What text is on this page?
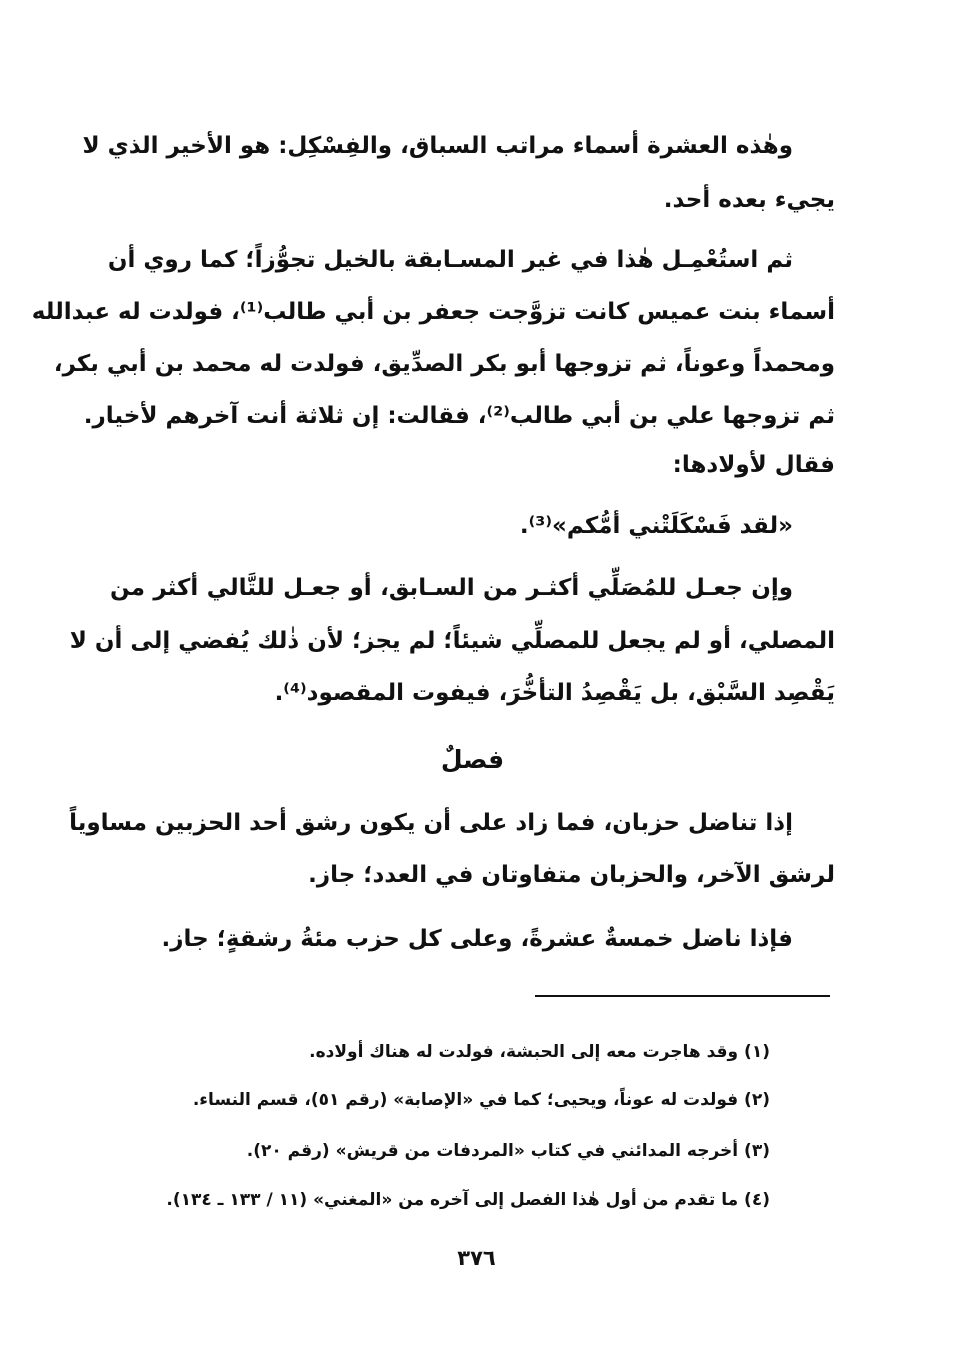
وهٰذه العشرة أسماء مراتب السباق، والفِسْكِل: هو الأخير الذي لا
يجيء بعده أحد.
ثم استُعْمِـل هٰذا في غير المسـابقة بالخيل تجوُّزاً؛ كما روي أن
أسماء بنت عميس كانت تزوَّجت جعفر بن أبي طالب⁽¹⁾، فولدت له عبدالله
ومحمداً وعوناً، ثم تزوجها أبو بكر الصدِّيق، فولدت له محمد بن أبي بكر،
ثم تزوجها علي بن أبي طالب⁽²⁾، فقالت: إن ثلاثة أنت آخرهم لأخيار.
فقال لأولادها:
«لقد فَسْكَلَتْني أمُّكم»⁽³⁾.
وإن جعـل للمُصَلِّي أكثـر من السـابق، أو جعـل للتَّالي أكثر من
المصلي، أو لم يجعل للمصلِّي شيئاً؛ لم يجز؛ لأن ذٰلك يُفضي إلى أن لا
يَقْصِد السَّبْق، بل يَقْصِدُ التأخُّرَ، فيفوت المقصود⁽⁴⁾.
فصلٌ
إذا تناضل حزبان، فما زاد على أن يكون رشق أحد الحزبين مساوياً
لرشق الآخر، والحزبان متفاوتان في العدد؛ جاز.
فإذا ناضل خمسةٌ عشرةً، وعلى كل حزب مئةُ رشقةٍ؛ جاز.
(١) وقد هاجرت معه إلى الحبشة، فولدت له هناك أولاده.
(٢) فولدت له عوناً، ويحيى؛ كما في «الإصابة» (رقم ٥١)، قسم النساء.
(٣) أخرجه المدائني في كتاب «المردفات من قريش» (رقم ٢٠).
(٤) ما تقدم من أول هٰذا الفصل إلى آخره من «المغني» (١١ / ١٣٣ ـ ١٣٤).
٣٧٦
